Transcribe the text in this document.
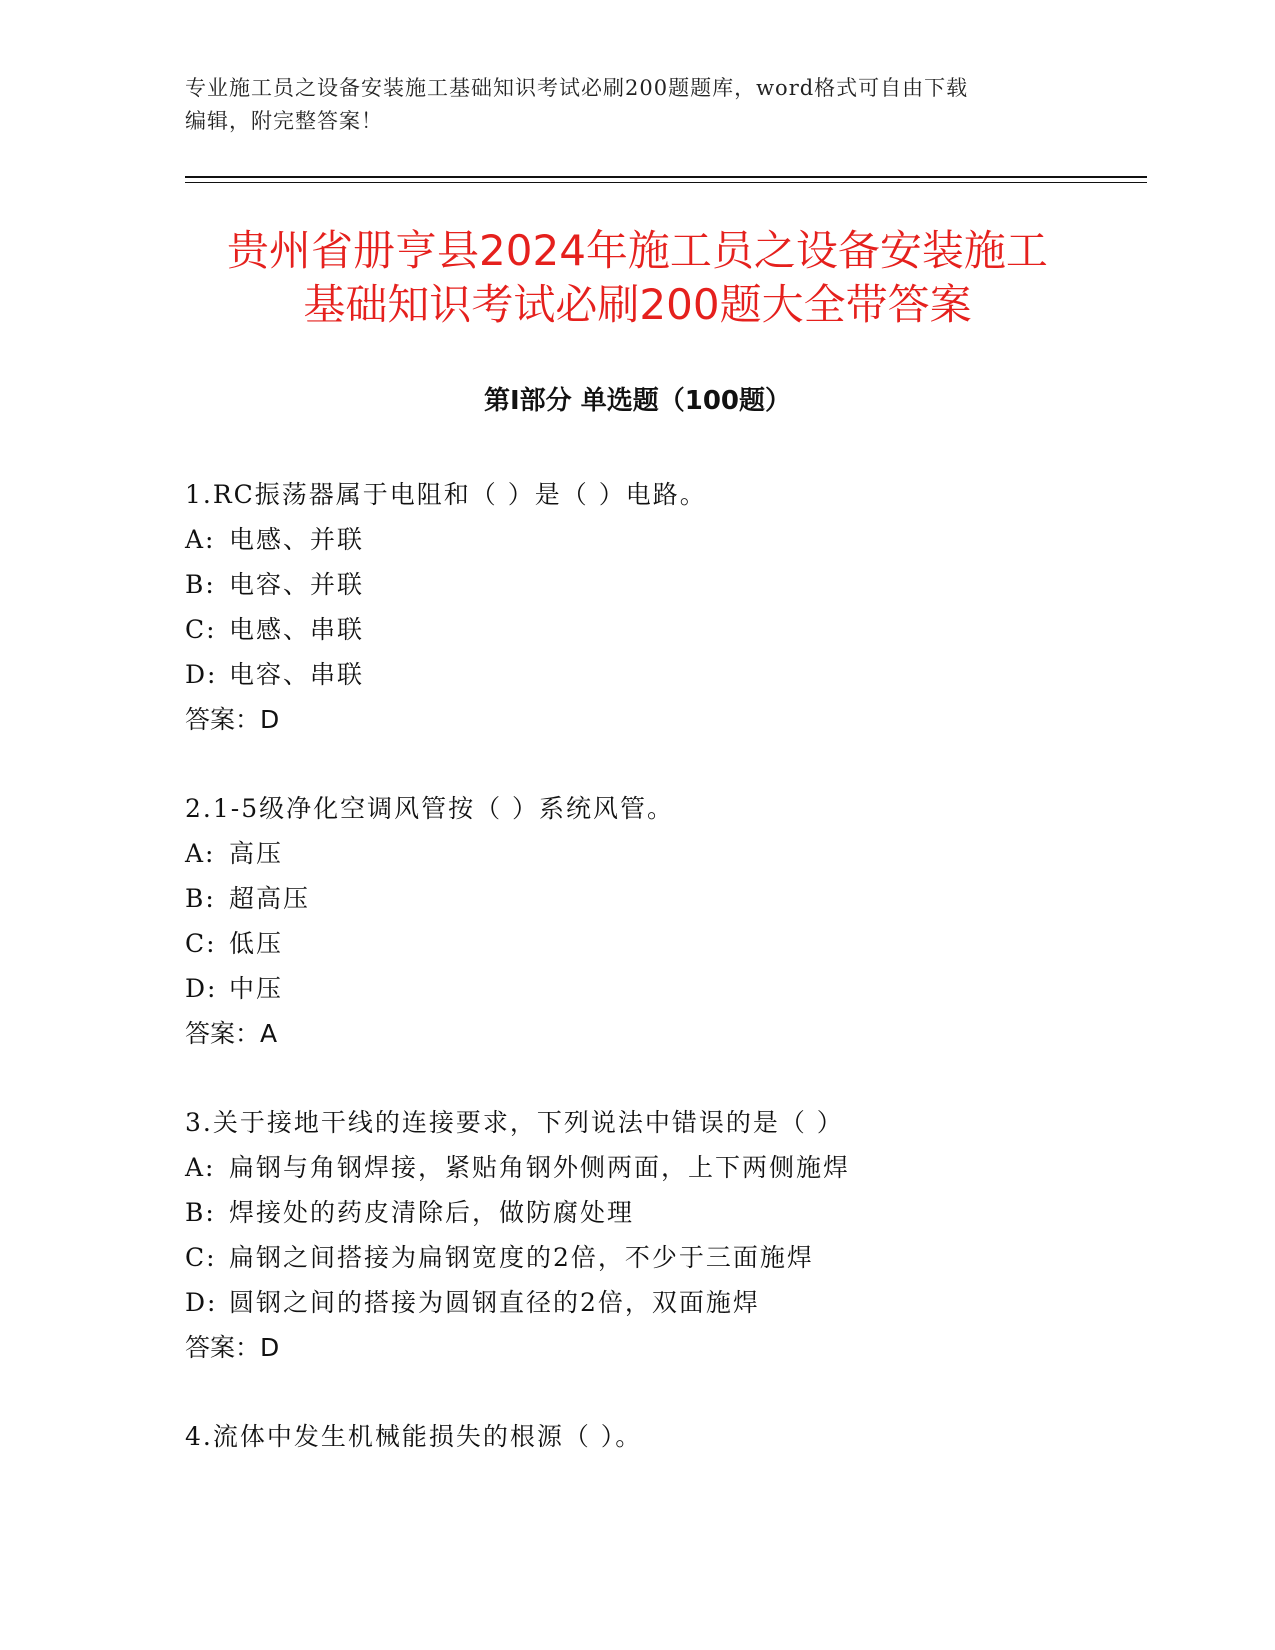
专业施工员之设备安装施工基础知识考试必刷200题题库，word格式可自由下载
编辑，附完整答案！
贵州省册亨县2024年施工员之设备安装施工
基础知识考试必刷200题大全带答案
第Ⅰ部分 单选题（100题）
1.RC振荡器属于电阻和（ ）是（ ）电路。
A: 电感、并联
B: 电容、并联
C: 电感、串联
D: 电容、串联
答案：D
2.1-5级净化空调风管按（ ）系统风管。
A: 高压
B: 超高压
C: 低压
D: 中压
答案：A
3.关于接地干线的连接要求，下列说法中错误的是（ ）
A: 扁钢与角钢焊接，紧贴角钢外侧两面，上下两侧施焊
B: 焊接处的药皮清除后，做防腐处理
C: 扁钢之间搭接为扁钢宽度的2倍，不少于三面施焊
D: 圆钢之间的搭接为圆钢直径的2倍，双面施焊
答案：D
4.流体中发生机械能损失的根源（ ）。
